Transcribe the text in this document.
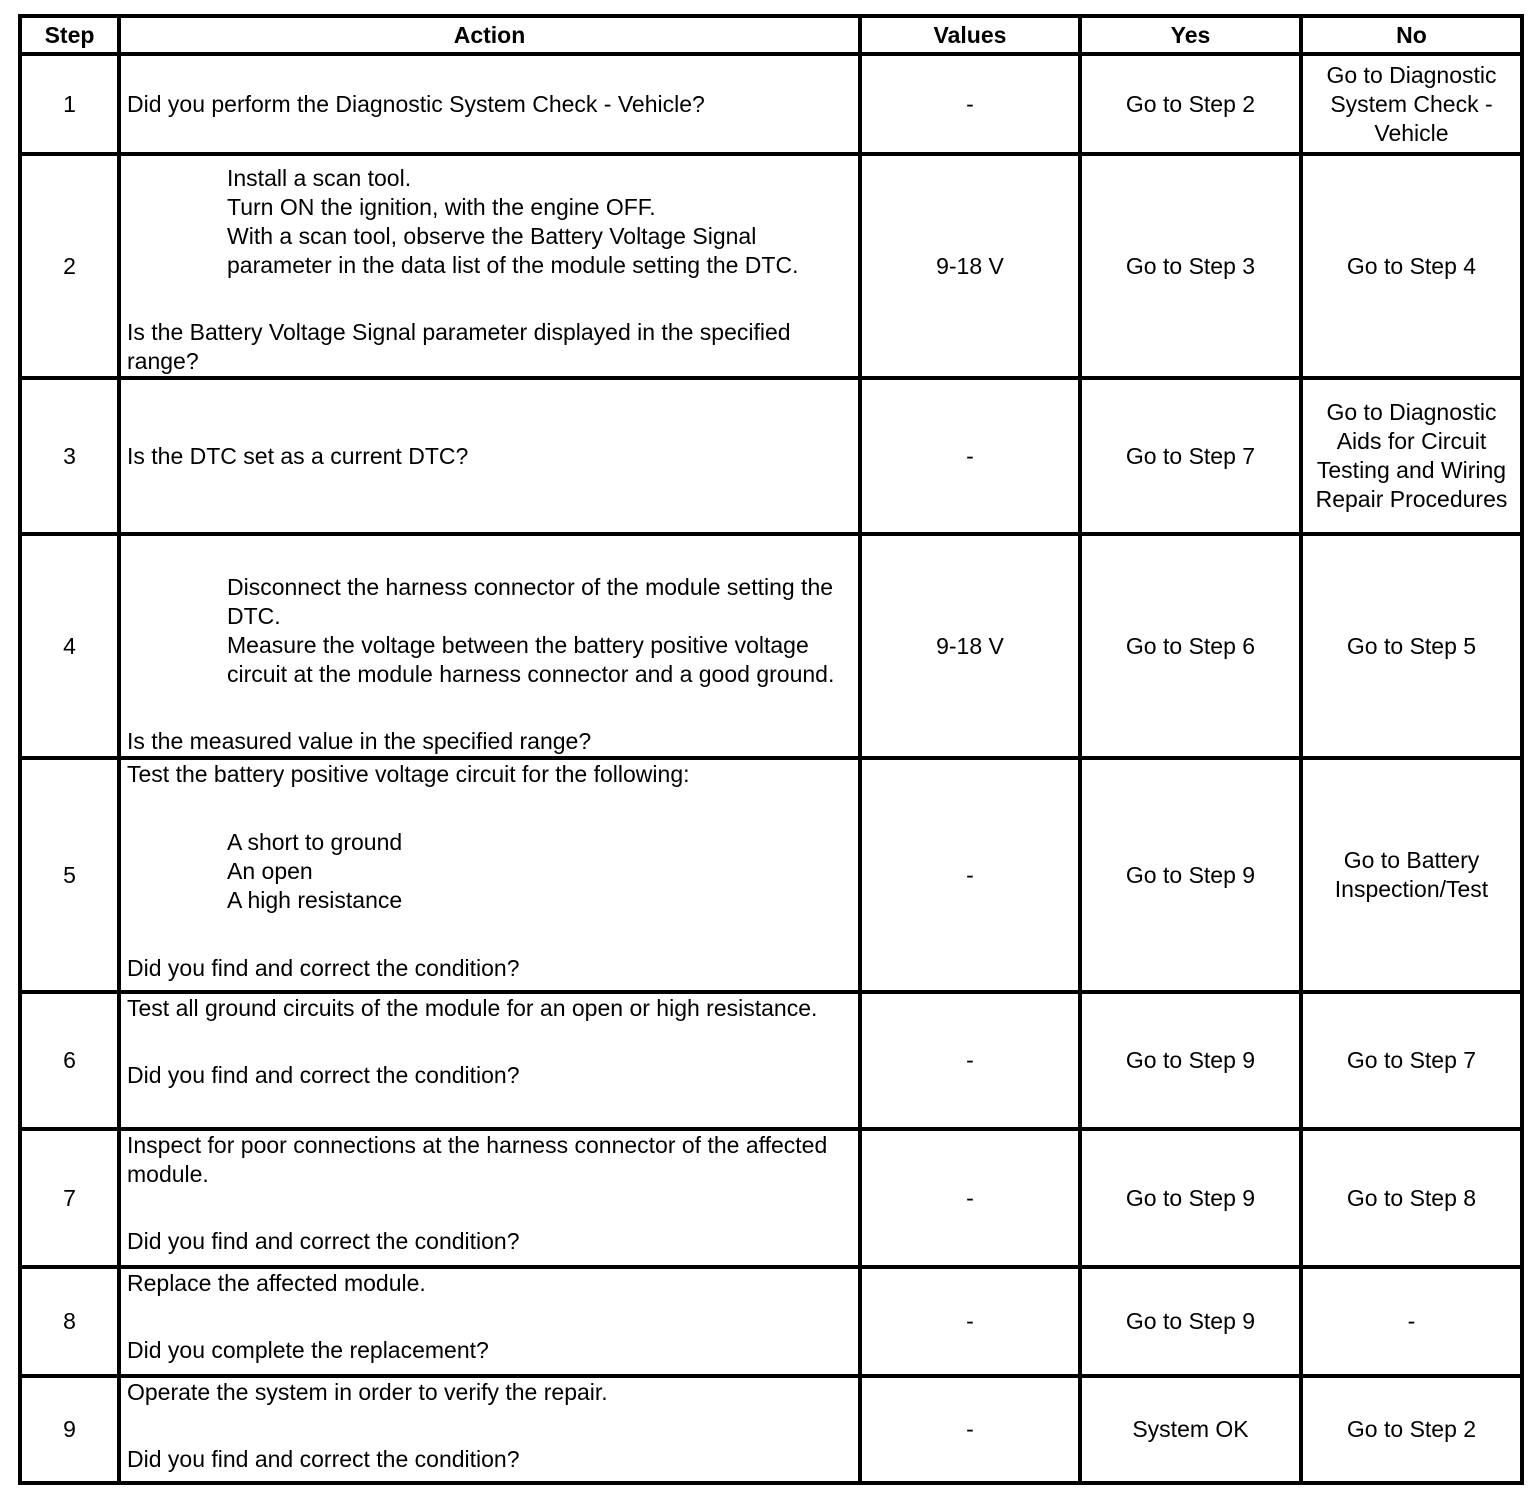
Step	Action	Values	Yes	No
1	Did you perform the Diagnostic System Check - Vehicle?	-	Go to Step 2	Go to Diagnostic System Check - Vehicle
2	Install a scan tool.
Turn ON the ignition, with the engine OFF.
With a scan tool, observe the Battery Voltage Signal parameter in the data list of the module setting the DTC.
Is the Battery Voltage Signal parameter displayed in the specified range?	9-18 V	Go to Step 3	Go to Step 4
3	Is the DTC set as a current DTC?	-	Go to Step 7	Go to Diagnostic Aids for Circuit Testing and Wiring Repair Procedures
4	Disconnect the harness connector of the module setting the DTC.
Measure the voltage between the battery positive voltage circuit at the module harness connector and a good ground.
Is the measured value in the specified range?	9-18 V	Go to Step 6	Go to Step 5
5	Test the battery positive voltage circuit for the following:
A short to ground
An open
A high resistance
Did you find and correct the condition?	-	Go to Step 9	Go to Battery Inspection/Test
6	Test all ground circuits of the module for an open or high resistance.
Did you find and correct the condition?	-	Go to Step 9	Go to Step 7
7	Inspect for poor connections at the harness connector of the affected module.
Did you find and correct the condition?	-	Go to Step 9	Go to Step 8
8	Replace the affected module.
Did you complete the replacement?	-	Go to Step 9	-
9	Operate the system in order to verify the repair.
Did you find and correct the condition?	-	System OK	Go to Step 2
